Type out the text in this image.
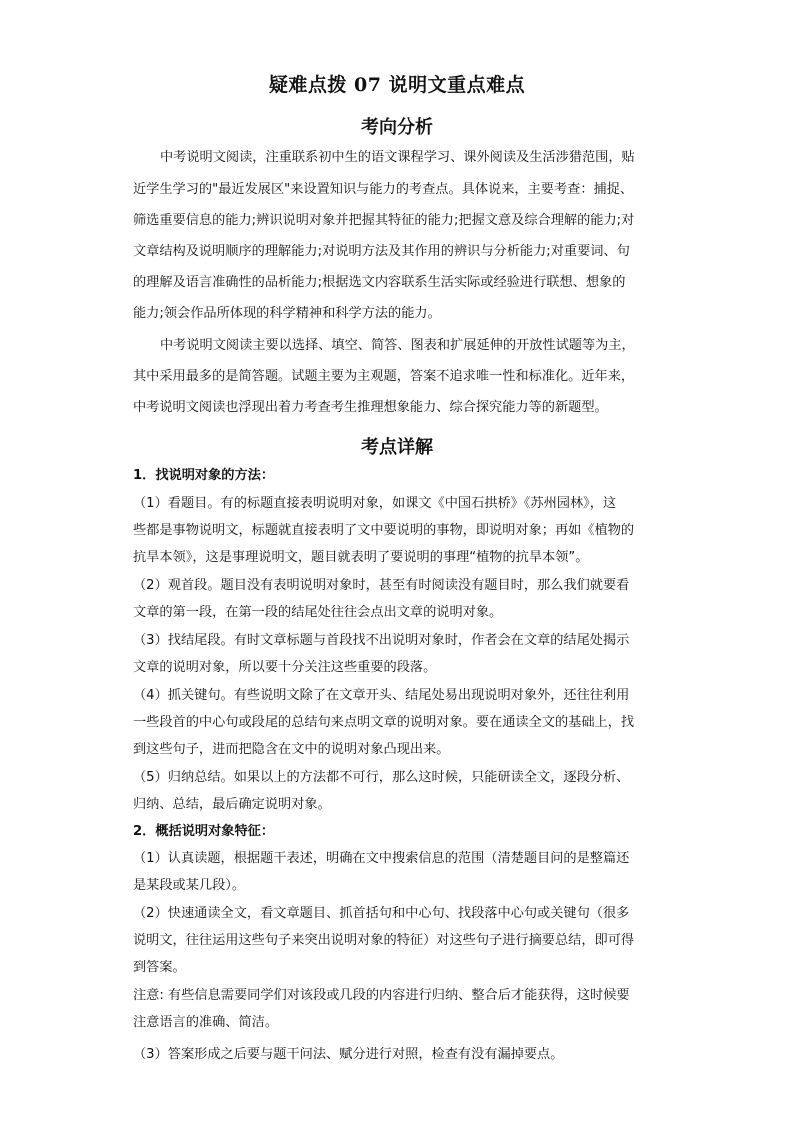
疑难点拨 07 说明文重点难点
考向分析
中考说明文阅读，注重联系初中生的语文课程学习、课外阅读及生活涉猎范围，贴
近学生学习的"最近发展区"来设置知识与能力的考查点。具体说来，主要考查：捕捉、
筛选重要信息的能力;辨识说明对象并把握其特征的能力;把握文意及综合理解的能力;对
文章结构及说明顺序的理解能力;对说明方法及其作用的辨识与分析能力;对重要词、句
的理解及语言准确性的品析能力;根据选文内容联系生活实际或经验进行联想、想象的
能力;领会作品所体现的科学精神和科学方法的能力。
中考说明文阅读主要以选择、填空、简答、图表和扩展延伸的开放性试题等为主，
其中采用最多的是简答题。试题主要为主观题，答案不追求唯一性和标准化。近年来，
中考说明文阅读也浮现出着力考查考生推理想象能力、综合探究能力等的新题型。
考点详解
1．找说明对象的方法：
（1）看题目。有的标题直接表明说明对象，如课文《中国石拱桥》《苏州园林》，这
些都是事物说明文，标题就直接表明了文中要说明的事物，即说明对象；再如《植物的
抗旱本领》，这是事理说明文，题目就表明了要说明的事理“植物的抗旱本领”。
（2）观首段。题目没有表明说明对象时，甚至有时阅读没有题目时，那么我们就要看
文章的第一段，在第一段的结尾处往往会点出文章的说明对象。
（3）找结尾段。有时文章标题与首段找不出说明对象时，作者会在文章的结尾处揭示
文章的说明对象，所以要十分关注这些重要的段落。
（4）抓关键句。有些说明文除了在文章开头、结尾处易出现说明对象外，还往往利用
一些段首的中心句或段尾的总结句来点明文章的说明对象。要在通读全文的基础上，找
到这些句子，进而把隐含在文中的说明对象凸现出来。
（5）归纳总结。如果以上的方法都不可行，那么这时候，只能研读全文，逐段分析、
归纳、总结，最后确定说明对象。
2．概括说明对象特征：
（1）认真读题，根据题干表述，明确在文中搜索信息的范围（清楚题目问的是整篇还
是某段或某几段）。
（2）快速通读全文，看文章题目、抓首括句和中心句、找段落中心句或关键句（很多
说明文，往往运用这些句子来突出说明对象的特征）对这些句子进行摘要总结，即可得
到答案。
注意: 有些信息需要同学们对该段或几段的内容进行归纳、整合后才能获得，这时候要
注意语言的准确、简洁。
（3）答案形成之后要与题干问法、赋分进行对照，检查有没有漏掉要点。
